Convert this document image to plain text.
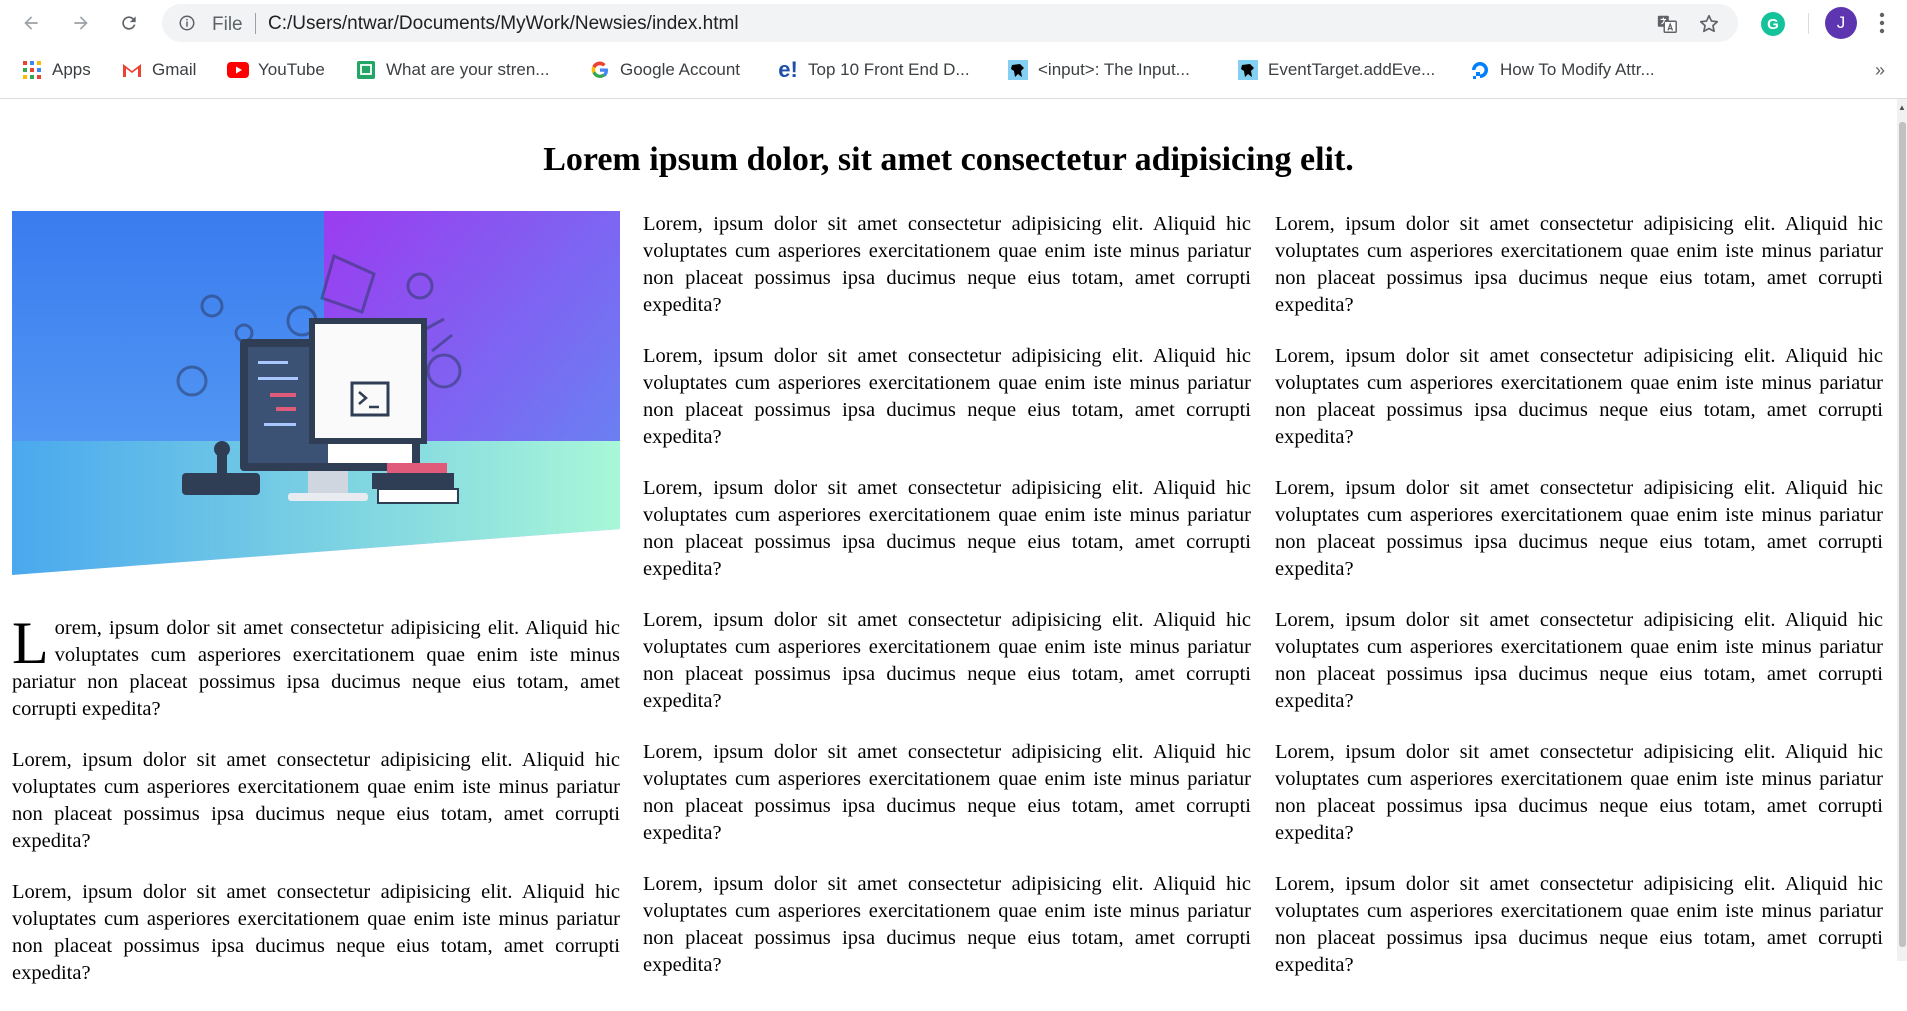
File C:/Users/ntwar/Documents/MyWork/Newsies/index.html	G	J
Apps	Gmail	YouTube	What are your stren...	Google Account e! Top 10 Front End D...	<input>: The Input...	EventTarget.addEve...	How To Modify Attr...	»
Lorem ipsum dolor, sit amet consectetur adipisicing elit.

Lorem, ipsum dolor sit amet consectetur adipisicing elit. Aliquid hic voluptates cum asperiores exercitationem quae enim iste minus pariatur non placeat possimus ipsa ducimus neque eius totam, amet corrupti expedita?

Lorem, ipsum dolor sit amet consectetur adipisicing elit. Aliquid hic voluptates cum asperiores exercitationem quae enim iste minus pariatur non placeat possimus ipsa ducimus neque eius totam, amet corrupti expedita?

Lorem, ipsum dolor sit amet consectetur adipisicing elit. Aliquid hic voluptates cum asperiores exercitationem quae enim iste minus pariatur non placeat possimus ipsa ducimus neque eius totam, amet corrupti expedita?

Lorem, ipsum dolor sit amet consectetur adipisicing elit. Aliquid hic voluptates cum asperiores exercitationem quae enim iste minus pariatur non placeat possimus ipsa ducimus neque eius totam, amet corrupti expedita?

Lorem, ipsum dolor sit amet consectetur adipisicing elit. Aliquid hic voluptates cum asperiores exercitationem quae enim iste minus pariatur non placeat possimus ipsa ducimus neque eius totam, amet corrupti expedita?

Lorem, ipsum dolor sit amet consectetur adipisicing elit. Aliquid hic voluptates cum asperiores exercitationem quae enim iste minus pariatur non placeat possimus ipsa ducimus neque eius totam, amet corrupti expedita?

Lorem, ipsum dolor sit amet consectetur adipisicing elit. Aliquid hic voluptates cum asperiores exercitationem quae enim iste minus pariatur non placeat possimus ipsa ducimus neque eius totam, amet corrupti expedita?

Lorem, ipsum dolor sit amet consectetur adipisicing elit. Aliquid hic voluptates cum asperiores exercitationem quae enim iste minus pariatur non placeat possimus ipsa ducimus neque eius totam, amet corrupti expedita?

Lorem, ipsum dolor sit amet consectetur adipisicing elit. Aliquid hic voluptates cum asperiores exercitationem quae enim iste minus pariatur non placeat possimus ipsa ducimus neque eius totam, amet corrupti expedita?

Lorem, ipsum dolor sit amet consectetur adipisicing elit. Aliquid hic voluptates cum asperiores exercitationem quae enim iste minus pariatur non placeat possimus ipsa ducimus neque eius totam, amet corrupti expedita?

Lorem, ipsum dolor sit amet consectetur adipisicing elit. Aliquid hic voluptates cum asperiores exercitationem quae enim iste minus pariatur non placeat possimus ipsa ducimus neque eius totam, amet corrupti expedita?

Lorem, ipsum dolor sit amet consectetur adipisicing elit. Aliquid hic voluptates cum asperiores exercitationem quae enim iste minus pariatur non placeat possimus ipsa ducimus neque eius totam, amet corrupti expedita?

Lorem, ipsum dolor sit amet consectetur adipisicing elit. Aliquid hic voluptates cum asperiores exercitationem quae enim iste minus pariatur non placeat possimus ipsa ducimus neque eius totam, amet corrupti expedita?

Lorem, ipsum dolor sit amet consectetur adipisicing elit. Aliquid hic voluptates cum asperiores exercitationem quae enim iste minus pariatur non placeat possimus ipsa ducimus neque eius totam, amet corrupti expedita?

Lorem, ipsum dolor sit amet consectetur adipisicing elit. Aliquid hic voluptates cum asperiores exercitationem quae enim iste minus pariatur non placeat possimus ipsa ducimus neque eius totam, amet corrupti expedita?

▲
